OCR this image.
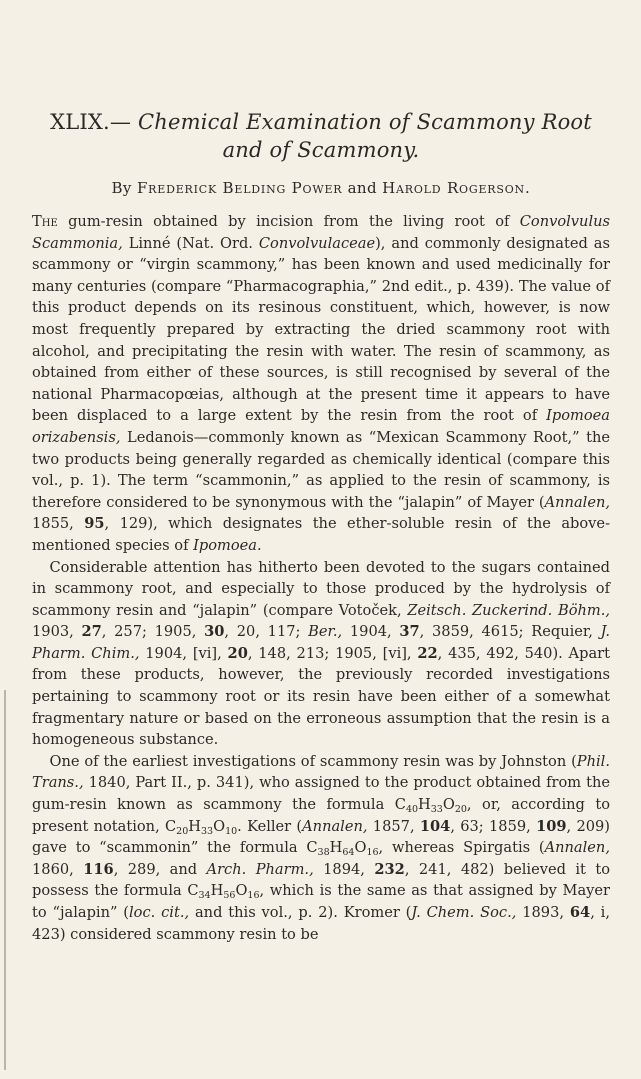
XLIX.— Chemical Examination of Scammony Root
and of Scammony.
By Frederick Belding Power and Harold Rogerson.

The gum-resin obtained by incision from the living root of Convolvulus Scammonia, Linné (Nat. Ord. Convolvulaceae), and commonly designated as scammony or “virgin scammony,” has been known and used medicinally for many centuries (compare “Pharmacographia,” 2nd edit., p. 439). The value of this product depends on its resinous constituent, which, however, is now most frequently prepared by extracting the dried scammony root with alcohol, and precipitating the resin with water. The resin of scammony, as obtained from either of these sources, is still recognised by several of the national Pharmacopœias, although at the present time it appears to have been displaced to a large extent by the resin from the root of Ipomoea orizabensis, Ledanois—commonly known as “Mexican Scammony Root,” the two products being generally regarded as chemically identical (compare this vol., p. 1). The term “scammonin,” as applied to the resin of scammony, is therefore considered to be synonymous with the “jalapin” of Mayer (Annalen, 1855, 95, 129), which designates the ether-soluble resin of the above-mentioned species of Ipomoea.

Considerable attention has hitherto been devoted to the sugars contained in scammony root, and especially to those produced by the hydrolysis of scammony resin and “jalapin” (compare Votoček, Zeitsch. Zuckerind. Böhm., 1903, 27, 257; 1905, 30, 20, 117; Ber., 1904, 37, 3859, 4615; Requier, J. Pharm. Chim., 1904, [vi], 20, 148, 213; 1905, [vi], 22, 435, 492, 540). Apart from these products, however, the previously recorded investigations pertaining to scammony root or its resin have been either of a somewhat fragmentary nature or based on the erroneous assumption that the resin is a homogeneous substance.

One of the earliest investigations of scammony resin was by Johnston (Phil. Trans., 1840, Part II., p. 341), who assigned to the product obtained from the gum-resin known as scammony the formula $C_{40}H_{33}O_{20}$, or, according to present notation, $C_{20}H_{33}O_{10}$. Keller (Annalen, 1857, 104, 63; 1859, 109, 209) gave to “scammonin” the formula $C_{38}H_{64}O_{16}$, whereas Spirgatis (Annalen, 1860, 116, 289, and Arch. Pharm., 1894, 232, 241, 482) believed it to possess the formula $C_{34}H_{56}O_{16}$, which is the same as that assigned by Mayer to “jalapin” (loc. cit., and this vol., p. 2). Kromer (J. Chem. Soc., 1893, 64, i, 423) considered scammony resin to be
